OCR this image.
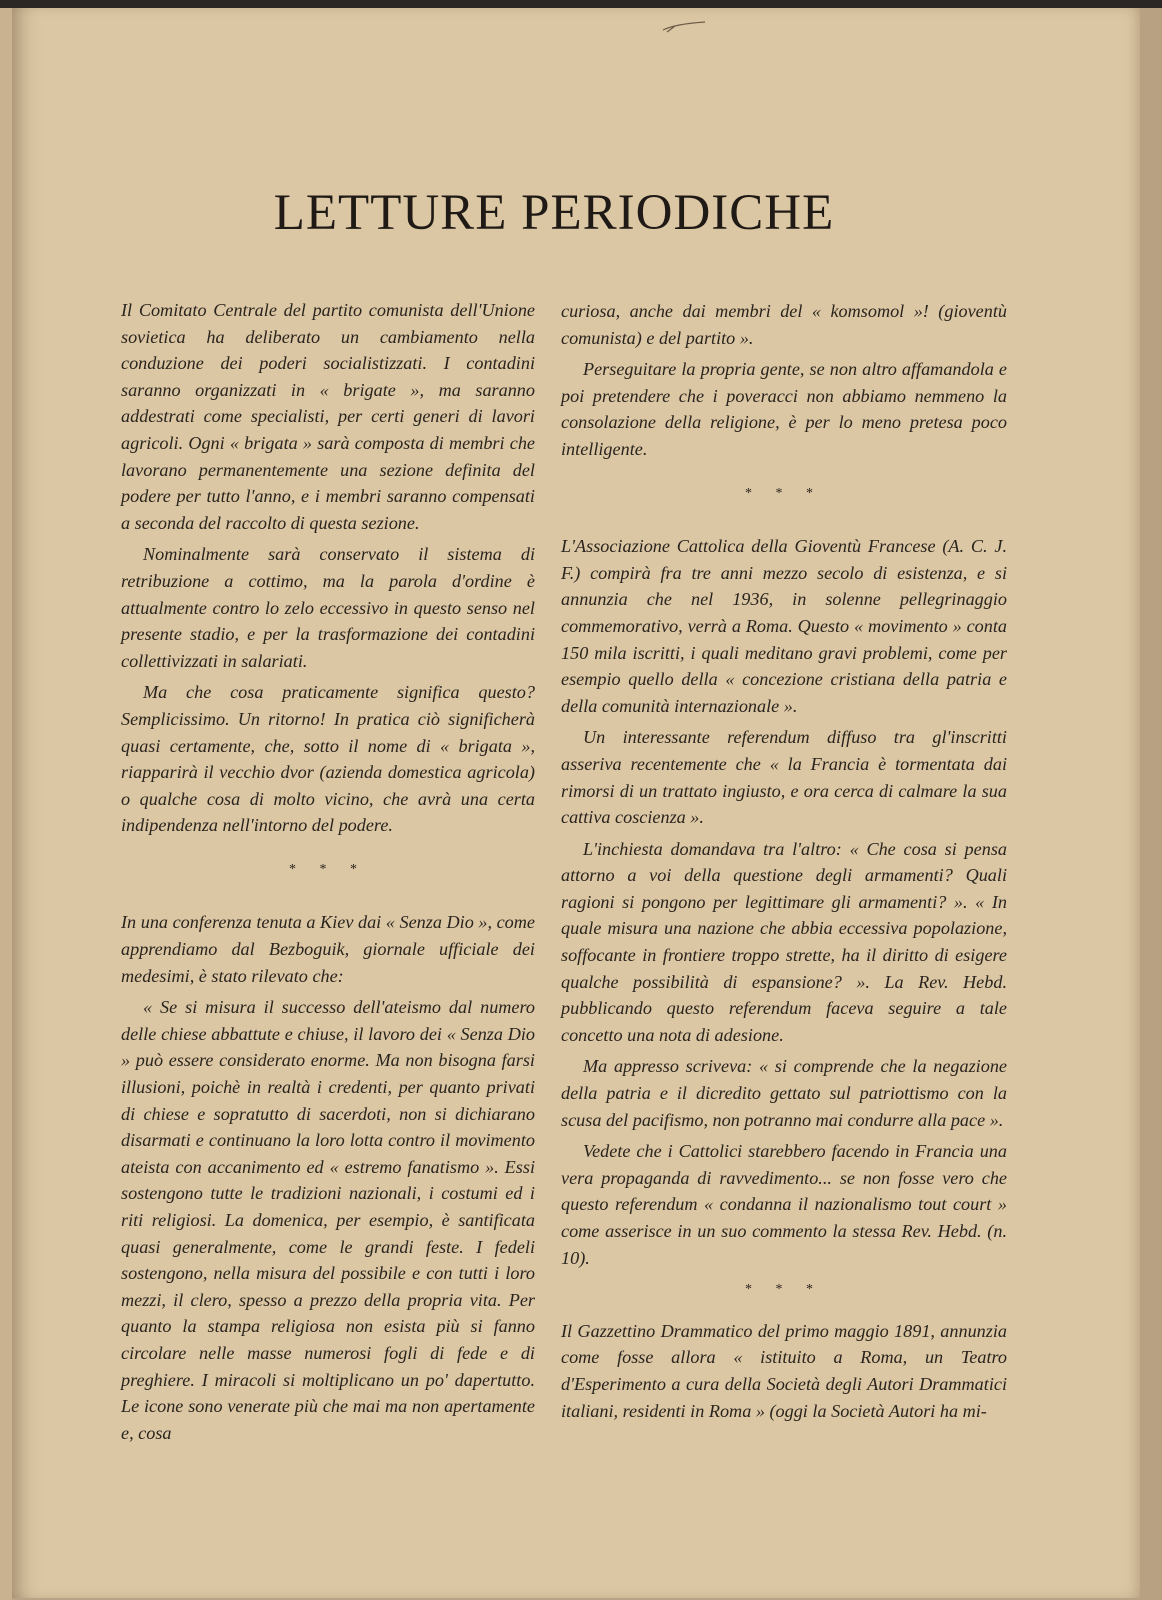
LETTURE PERIODICHE

Il Comitato Centrale del partito comunista dell'Unione sovietica ha deliberato un cambiamento nella conduzione dei poderi socialistizzati. I contadini saranno organizzati in « brigate », ma saranno addestrati come specialisti, per certi generi di lavori agricoli. Ogni « brigata » sarà composta di membri che lavorano permanentemente una sezione definita del podere per tutto l'anno, e i membri saranno compensati a seconda del raccolto di questa sezione.

Nominalmente sarà conservato il sistema di retribuzione a cottimo, ma la parola d'ordine è attualmente contro lo zelo eccessivo in questo senso nel presente stadio, e per la trasformazione dei contadini collettivizzati in salariati.

Ma che cosa praticamente significa questo? Semplicissimo. Un ritorno! In pratica ciò significherà quasi certamente, che, sotto il nome di « brigata », riapparirà il vecchio dvor (azienda domestica agricola) o qualche cosa di molto vicino, che avrà una certa indipendenza nell'intorno del podere.

* * *

In una conferenza tenuta a Kiev dai « Senza Dio », come apprendiamo dal Bezboguik, giornale ufficiale dei medesimi, è stato rilevato che:

« Se si misura il successo dell'ateismo dal numero delle chiese abbattute e chiuse, il lavoro dei « Senza Dio » può essere considerato enorme. Ma non bisogna farsi illusioni, poichè in realtà i credenti, per quanto privati di chiese e sopratutto di sacerdoti, non si dichiarano disarmati e continuano la loro lotta contro il movimento ateista con accanimento ed « estremo fanatismo ». Essi sostengono tutte le tradizioni nazionali, i costumi ed i riti religiosi. La domenica, per esempio, è santificata quasi generalmente, come le grandi feste. I fedeli sostengono, nella misura del possibile e con tutti i loro mezzi, il clero, spesso a prezzo della propria vita. Per quanto la stampa religiosa non esista più si fanno circolare nelle masse numerosi fogli di fede e di preghiere. I miracoli si moltiplicano un po' dapertutto. Le icone sono venerate più che mai ma non apertamente e, cosa

curiosa, anche dai membri del « komsomol »! (gioventù comunista) e del partito ».

Perseguitare la propria gente, se non altro affamandola e poi pretendere che i poveracci non abbiamo nemmeno la consolazione della religione, è per lo meno pretesa poco intelligente.

* * *

L'Associazione Cattolica della Gioventù Francese (A. C. J. F.) compirà fra tre anni mezzo secolo di esistenza, e si annunzia che nel 1936, in solenne pellegrinaggio commemorativo, verrà a Roma. Questo « movimento » conta 150 mila iscritti, i quali meditano gravi problemi, come per esempio quello della « concezione cristiana della patria e della comunità internazionale ».

Un interessante referendum diffuso tra gl'inscritti asseriva recentemente che « la Francia è tormentata dai rimorsi di un trattato ingiusto, e ora cerca di calmare la sua cattiva coscienza ».

L'inchiesta domandava tra l'altro: « Che cosa si pensa attorno a voi della questione degli armamenti? Quali ragioni si pongono per legittimare gli armamenti? ». « In quale misura una nazione che abbia eccessiva popolazione, soffocante in frontiere troppo strette, ha il diritto di esigere qualche possibilità di espansione? ». La Rev. Hebd. pubblicando questo referendum faceva seguire a tale concetto una nota di adesione.

Ma appresso scriveva: « si comprende che la negazione della patria e il dicredito gettato sul patriottismo con la scusa del pacifismo, non potranno mai condurre alla pace ».

Vedete che i Cattolici starebbero facendo in Francia una vera propaganda di ravvedimento... se non fosse vero che questo referendum « condanna il nazionalismo tout court » come asserisce in un suo commento la stessa Rev. Hebd. (n. 10).

* * *

Il Gazzettino Drammatico del primo maggio 1891, annunzia come fosse allora « istituito a Roma, un Teatro d'Esperimento a cura della Società degli Autori Drammatici italiani, residenti in Roma » (oggi la Società Autori ha mi-
